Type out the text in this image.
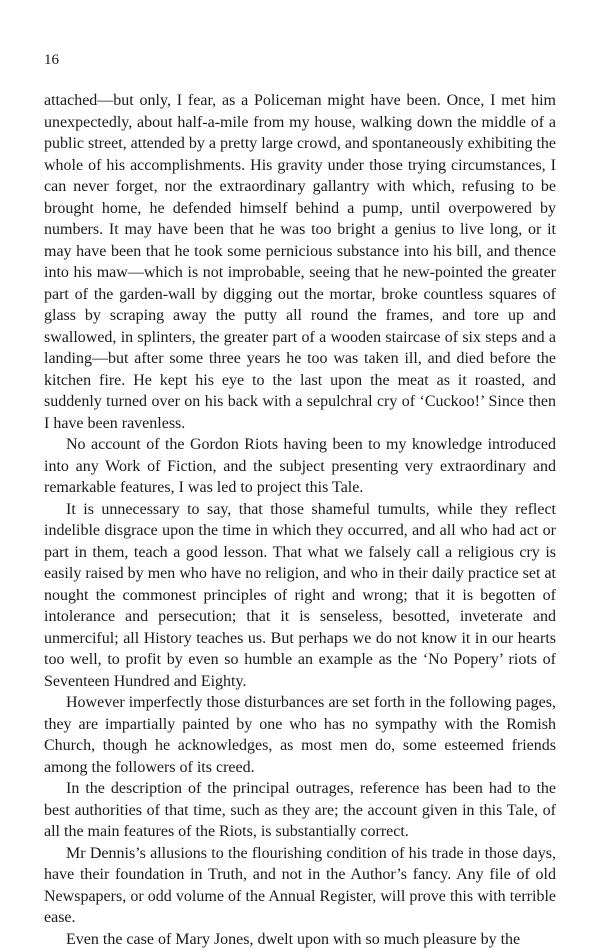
16

attached—but only, I fear, as a Policeman might have been. Once, I met him unexpectedly, about half-a-mile from my house, walking down the middle of a public street, attended by a pretty large crowd, and spontaneously exhibiting the whole of his accomplishments. His gravity under those trying circumstances, I can never forget, nor the extraordinary gallantry with which, refusing to be brought home, he defended himself behind a pump, until overpowered by numbers. It may have been that he was too bright a genius to live long, or it may have been that he took some pernicious substance into his bill, and thence into his maw—which is not improbable, seeing that he new-pointed the greater part of the garden-wall by digging out the mortar, broke countless squares of glass by scraping away the putty all round the frames, and tore up and swallowed, in splinters, the greater part of a wooden staircase of six steps and a landing—but after some three years he too was taken ill, and died before the kitchen fire. He kept his eye to the last upon the meat as it roasted, and suddenly turned over on his back with a sepulchral cry of ‘Cuckoo!’ Since then I have been ravenless.

No account of the Gordon Riots having been to my knowledge introduced into any Work of Fiction, and the subject presenting very extraordinary and remarkable features, I was led to project this Tale.

It is unnecessary to say, that those shameful tumults, while they reflect indelible disgrace upon the time in which they occurred, and all who had act or part in them, teach a good lesson. That what we falsely call a religious cry is easily raised by men who have no religion, and who in their daily practice set at nought the commonest principles of right and wrong; that it is begotten of intolerance and persecution; that it is senseless, besotted, inveterate and unmerciful; all History teaches us. But perhaps we do not know it in our hearts too well, to profit by even so humble an example as the ‘No Popery’ riots of Seventeen Hundred and Eighty.

However imperfectly those disturbances are set forth in the following pages, they are impartially painted by one who has no sympathy with the Romish Church, though he acknowledges, as most men do, some esteemed friends among the followers of its creed.

In the description of the principal outrages, reference has been had to the best authorities of that time, such as they are; the account given in this Tale, of all the main features of the Riots, is substantially correct.

Mr Dennis’s allusions to the flourishing condition of his trade in those days, have their foundation in Truth, and not in the Author’s fancy. Any file of old Newspapers, or odd volume of the Annual Register, will prove this with terrible ease.

Even the case of Mary Jones, dwelt upon with so much pleasure by the
